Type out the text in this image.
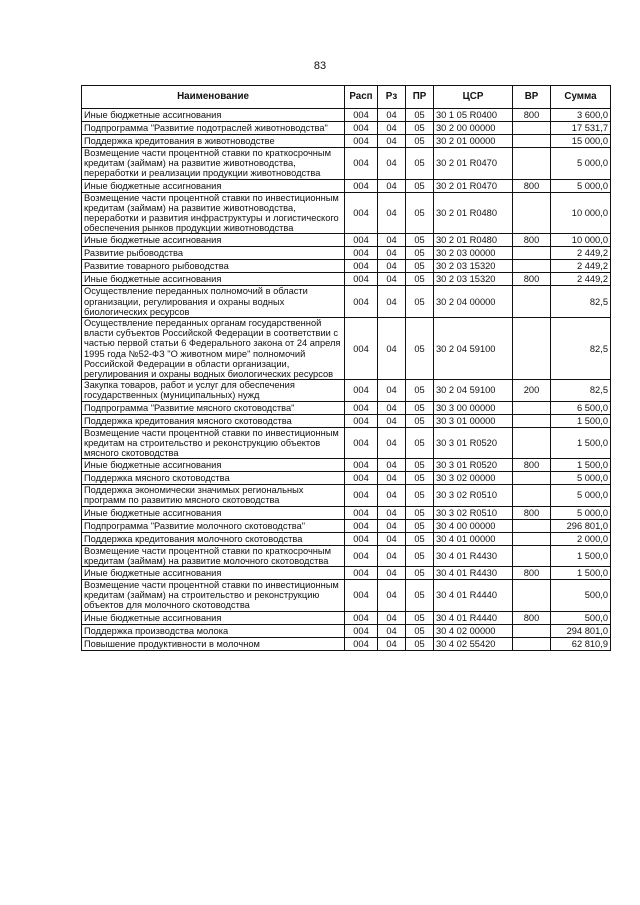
83
Наименование	Расп	Рз	ПР	ЦСР	ВР	Сумма
Иные бюджетные ассигнования	004	04	05	30 1 05 R0400	800	3 600,0
Подпрограмма "Развитие подотраслей животноводства"	004	04	05	30 2 00 00000		17 531,7
Поддержка кредитования в животноводстве	004	04	05	30 2 01 00000		15 000,0
Возмещение части процентной ставки по краткосрочным кредитам (займам) на развитие животноводства, переработки и реализации продукции животноводства	004	04	05	30 2 01 R0470		5 000,0
Иные бюджетные ассигнования	004	04	05	30 2 01 R0470	800	5 000,0
Возмещение части процентной ставки по инвестиционным кредитам (займам) на развитие животноводства, переработки и развития инфраструктуры и логистического обеспечения рынков продукции животноводства	004	04	05	30 2 01 R0480		10 000,0
Иные бюджетные ассигнования	004	04	05	30 2 01 R0480	800	10 000,0
Развитие рыбоводства	004	04	05	30 2 03 00000		2 449,2
Развитие товарного рыбоводства	004	04	05	30 2 03 15320		2 449,2
Иные бюджетные ассигнования	004	04	05	30 2 03 15320	800	2 449,2
Осуществление переданных полномочий в области организации, регулирования и охраны водных биологических ресурсов	004	04	05	30 2 04 00000		82,5
Осуществление переданных органам государственной власти субъектов Российской Федерации в соответствии с частью первой статьи 6 Федерального закона от 24 апреля 1995 года №52-ФЗ "О животном мире" полномочий Российской Федерации в области организации, регулирования и охраны водных биологических ресурсов	004	04	05	30 2 04 59100		82,5
Закупка товаров, работ и услуг для обеспечения государственных (муниципальных) нужд	004	04	05	30 2 04 59100	200	82,5
Подпрограмма "Развитие мясного скотоводства"	004	04	05	30 3 00 00000		6 500,0
Поддержка кредитования мясного скотоводства	004	04	05	30 3 01 00000		1 500,0
Возмещение части процентной ставки по инвестиционным кредитам на строительство и реконструкцию объектов мясного скотоводства	004	04	05	30 3 01 R0520		1 500,0
Иные бюджетные ассигнования	004	04	05	30 3 01 R0520	800	1 500,0
Поддержка мясного скотоводства	004	04	05	30 3 02 00000		5 000,0
Поддержка экономически значимых региональных программ по развитию мясного скотоводства	004	04	05	30 3 02 R0510		5 000,0
Иные бюджетные ассигнования	004	04	05	30 3 02 R0510	800	5 000,0
Подпрограмма "Развитие молочного скотоводства"	004	04	05	30 4 00 00000		296 801,0
Поддержка кредитования молочного скотоводства	004	04	05	30 4 01 00000		2 000,0
Возмещение части процентной ставки по краткосрочным кредитам (займам) на развитие молочного скотоводства	004	04	05	30 4 01 R4430		1 500,0
Иные бюджетные ассигнования	004	04	05	30 4 01 R4430	800	1 500,0
Возмещение части процентной ставки по инвестиционным кредитам (займам) на строительство и реконструкцию объектов для молочного скотоводства	004	04	05	30 4 01 R4440		500,0
Иные бюджетные ассигнования	004	04	05	30 4 01 R4440	800	500,0
Поддержка производства молока	004	04	05	30 4 02 00000		294 801,0
Повышение продуктивности в молочном	004	04	05	30 4 02 55420		62 810,9
